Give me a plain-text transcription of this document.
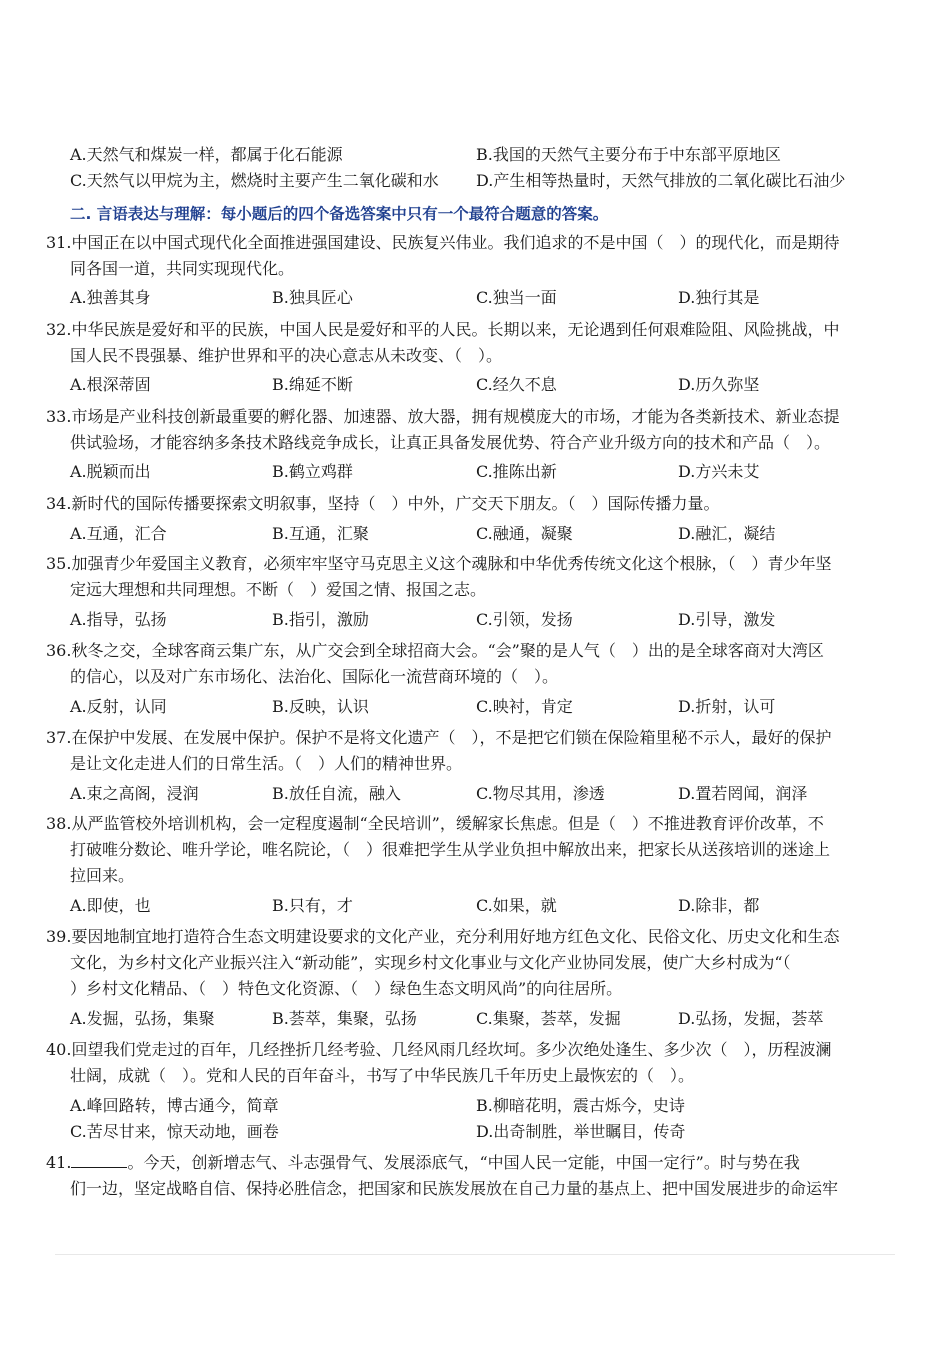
A.天然气和煤炭一样，都属于化石能源	B.我国的天然气主要分布于中东部平原地区
C.天然气以甲烷为主，燃烧时主要产生二氧化碳和水 D.产生相等热量时，天然气排放的二氧化碳比石油少
二. 言语表达与理解：每小题后的四个备选答案中只有一个最符合题意的答案。
31.中国正在以中国式现代化全面推进强国建设、民族复兴伟业。我们追求的不是中国（　）的现代化，而是期待
同各国一道，共同实现现代化。
A.独善其身	B.独具匠心	C.独当一面	D.独行其是
32.中华民族是爱好和平的民族，中国人民是爱好和平的人民。长期以来，无论遇到任何艰难险阻、风险挑战，中
国人民不畏强暴、维护世界和平的决心意志从未改变、（　）。
A.根深蒂固	B.绵延不断	C.经久不息	D.历久弥坚
33.市场是产业科技创新最重要的孵化器、加速器、放大器，拥有规模庞大的市场，才能为各类新技术、新业态提
供试验场，才能容纳多条技术路线竞争成长，让真正具备发展优势、符合产业升级方向的技术和产品（　）。
A.脱颖而出	B.鹤立鸡群	C.推陈出新	D.方兴未艾
34.新时代的国际传播要探索文明叙事，坚持（　）中外，广交天下朋友。（　）国际传播力量。
A.互通，汇合	B.互通，汇聚	C.融通，凝聚	D.融汇，凝结
35.加强青少年爱国主义教育，必须牢牢坚守马克思主义这个魂脉和中华优秀传统文化这个根脉，（　）青少年坚
定远大理想和共同理想。不断（　）爱国之情、报国之志。
A.指导，弘扬	B.指引，激励	C.引领，发扬	D.引导，激发
36.秋冬之交，全球客商云集广东，从广交会到全球招商大会。“会”聚的是人气（　）出的是全球客商对大湾区
的信心，以及对广东市场化、法治化、国际化一流营商环境的（　）。
A.反射，认同	B.反映，认识	C.映衬，肯定	D.折射，认可
37.在保护中发展、在发展中保护。保护不是将文化遗产（　），不是把它们锁在保险箱里秘不示人，最好的保护
是让文化走进人们的日常生活。（　）人们的精神世界。
A.束之高阁，浸润	B.放任自流，融入	C.物尽其用，渗透	D.置若罔闻，润泽
38.从严监管校外培训机构，会一定程度遏制“全民培训”，缓解家长焦虑。但是（　）不推进教育评价改革，不
打破唯分数论、唯升学论，唯名院论，（　）很难把学生从学业负担中解放出来，把家长从送孩培训的迷途上
拉回来。
A.即使，也	B.只有，才	C.如果，就	D.除非，都
39.要因地制宜地打造符合生态文明建设要求的文化产业，充分利用好地方红色文化、民俗文化、历史文化和生态
文化，为乡村文化产业振兴注入“新动能”，实现乡村文化事业与文化产业协同发展，使广大乡村成为“（
）乡村文化精品、（　）特色文化资源、（　）绿色生态文明风尚”的向往居所。
A.发掘，弘扬，集聚	B.荟萃，集聚，弘扬	C.集聚，荟萃，发掘	D.弘扬，发掘，荟萃
40.回望我们党走过的百年，几经挫折几经考验、几经风雨几经坎坷。多少次绝处逢生、多少次（　），历程波澜
壮阔，成就（　）。党和人民的百年奋斗，书写了中华民族几千年历史上最恢宏的（　）。
A.峰回路转，博古通今，简章	B.柳暗花明，震古烁今，史诗
C.苦尽甘来，惊天动地，画卷	D.出奇制胜，举世瞩目，传奇
41.	。今天，创新增志气、斗志强骨气、发展添底气，“中国人民一定能，中国一定行”。时与势在我
们一边，坚定战略自信、保持必胜信念，把国家和民族发展放在自己力量的基点上、把中国发展进步的命运牢
